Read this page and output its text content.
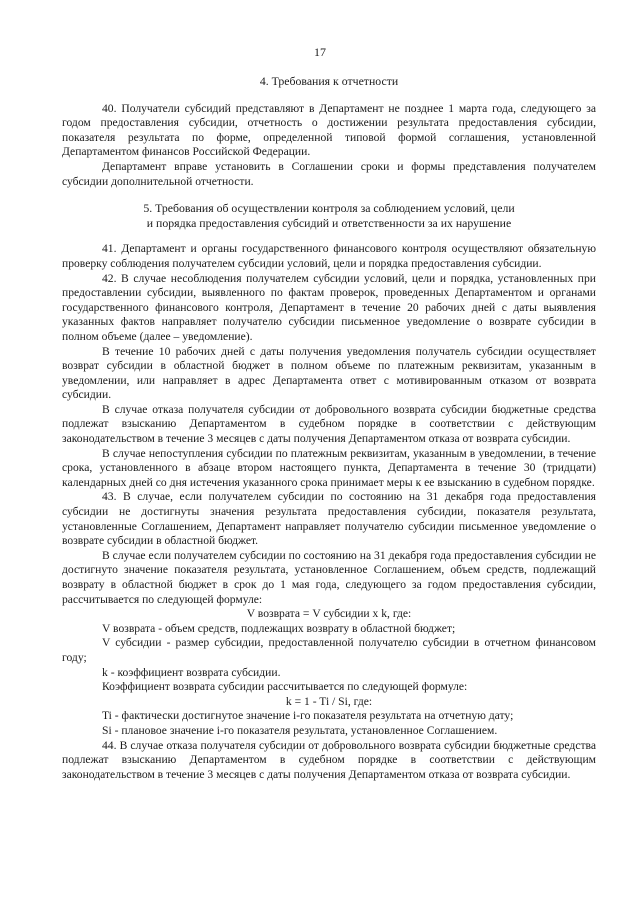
17
4. Требования к отчетности

40. Получатели субсидий представляют в Департамент не позднее 1 марта года, следующего за годом предоставления субсидии, отчетность о достижении результата предоставления субсидии, показателя результата по форме, определенной типовой формой соглашения, установленной Департаментом финансов Российской Федерации.

Департамент вправе установить в Соглашении сроки и формы представления получателем субсидии дополнительной отчетности.

5. Требования об осуществлении контроля за соблюдением условий, цели
и порядка предоставления субсидий и ответственности за их нарушение

41. Департамент и органы государственного финансового контроля осуществляют обязательную проверку соблюдения получателем субсидии условий, цели и порядка предоставления субсидии.

42. В случае несоблюдения получателем субсидии условий, цели и порядка, установленных при предоставлении субсидии, выявленного по фактам проверок, проведенных Департаментом и органами государственного финансового контроля, Департамент в течение 20 рабочих дней с даты выявления указанных фактов направляет получателю субсидии письменное уведомление о возврате субсидии в полном объеме (далее – уведомление).

В течение 10 рабочих дней с даты получения уведомления получатель субсидии осуществляет возврат субсидии в областной бюджет в полном объеме по платежным реквизитам, указанным в уведомлении, или направляет в адрес Департамента ответ с мотивированным отказом от возврата субсидии.

В случае отказа получателя субсидии от добровольного возврата субсидии бюджетные средства подлежат взысканию Департаментом в судебном порядке в соответствии с действующим законодательством в течение 3 месяцев с даты получения Департаментом отказа от возврата субсидии.

В случае непоступления субсидии по платежным реквизитам, указанным в уведомлении, в течение срока, установленного в абзаце втором настоящего пункта, Департамента в течение 30 (тридцати) календарных дней со дня истечения указанного срока принимает меры к ее взысканию в судебном порядке.

43. В случае, если получателем субсидии по состоянию на 31 декабря года предоставления субсидии не достигнуты значения результата предоставления субсидии, показателя результата, установленные Соглашением, Департамент направляет получателю субсидии письменное уведомление о возврате субсидии в областной бюджет.

В случае если получателем субсидии по состоянию на 31 декабря года предоставления субсидии не достигнуто значение показателя результата, установленное Соглашением, объем средств, подлежащий возврату в областной бюджет в срок до 1 мая года, следующего за годом предоставления субсидии, рассчитывается по следующей формуле:

V возврата = V субсидии x k, где:

V возврата - объем средств, подлежащих возврату в областной бюджет;

V субсидии - размер субсидии, предоставленной получателю субсидии в отчетном финансовом году;

k - коэффициент возврата субсидии.

Коэффициент возврата субсидии рассчитывается по следующей формуле:

k = 1 - Ti / Si, где:

Ti - фактически достигнутое значение i-го показателя результата на отчетную дату;

Si - плановое значение i-го показателя результата, установленное Соглашением.

44. В случае отказа получателя субсидии от добровольного возврата субсидии бюджетные средства подлежат взысканию Департаментом в судебном порядке в соответствии с действующим законодательством в течение 3 месяцев с даты получения Департаментом отказа от возврата субсидии.
